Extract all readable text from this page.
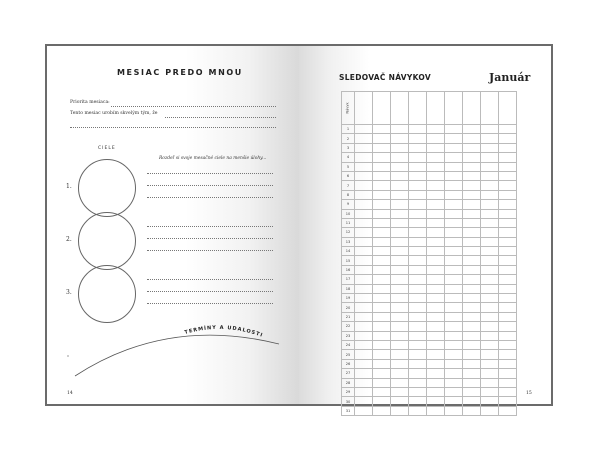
MESIAC PREDO MNOU
Priorita mesiaca:
Tento mesiac urobím skvelým tým, že
CIELE
Rozdeľ si svoje mesačné ciele na menšie úlohy...
1.
2.
3.
TERMÍNY A UDALOSTI
14
SLEDOVAČ NÁVYKOV	Január
Návyk									
1									
2									
3									
4									
5									
6									
7									
8									
9									
10									
11									
12									
13									
14									
15									
16									
17									
18									
19									
20									
21									
22									
23									
24									
25									
26									
27									
28									
29									
30									
31									
15
